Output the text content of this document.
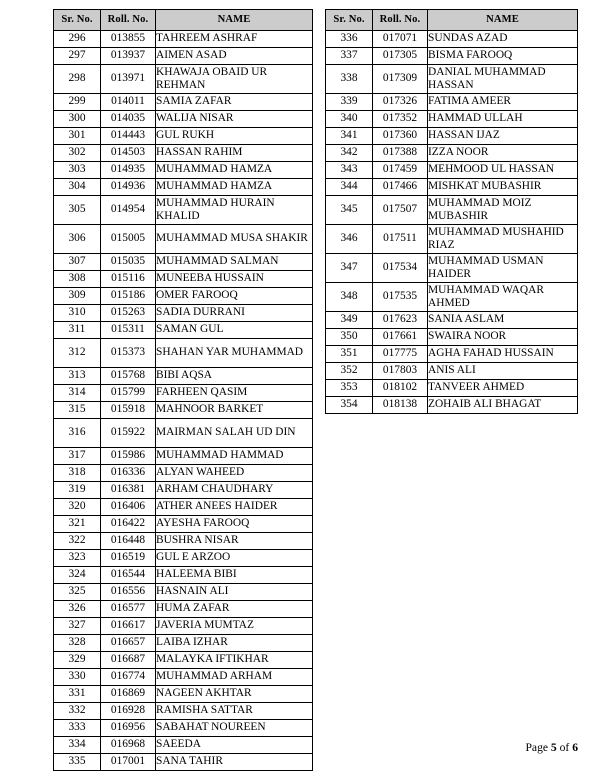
Sr. No.	Roll. No.	NAME
296	013855	TAHREEM ASHRAF
297	013937	AIMEN ASAD
298	013971	KHAWAJA OBAID UR REHMAN
299	014011	SAMIA ZAFAR
300	014035	WALIJA NISAR
301	014443	GUL RUKH
302	014503	HASSAN RAHIM
303	014935	MUHAMMAD HAMZA
304	014936	MUHAMMAD HAMZA
305	014954	MUHAMMAD HURAIN KHALID
306	015005	MUHAMMAD MUSA SHAKIR
307	015035	MUHAMMAD SALMAN
308	015116	MUNEEBA HUSSAIN
309	015186	OMER FAROOQ
310	015263	SADIA DURRANI
311	015311	SAMAN GUL
312	015373	SHAHAN YAR MUHAMMAD
313	015768	BIBI AQSA
314	015799	FARHEEN QASIM
315	015918	MAHNOOR BARKET
316	015922	MAIRMAN SALAH UD DIN
317	015986	MUHAMMAD HAMMAD
318	016336	ALYAN WAHEED
319	016381	ARHAM CHAUDHARY
320	016406	ATHER ANEES HAIDER
321	016422	AYESHA FAROOQ
322	016448	BUSHRA NISAR
323	016519	GUL E ARZOO
324	016544	HALEEMA BIBI
325	016556	HASNAIN ALI
326	016577	HUMA ZAFAR
327	016617	JAVERIA MUMTAZ
328	016657	LAIBA IZHAR
329	016687	MALAYKA IFTIKHAR
330	016774	MUHAMMAD ARHAM
331	016869	NAGEEN AKHTAR
332	016928	RAMISHA SATTAR
333	016956	SABAHAT NOUREEN
334	016968	SAEEDA
335	017001	SANA TAHIR
Sr. No.	Roll. No.	NAME
336	017071	SUNDAS AZAD
337	017305	BISMA FAROOQ
338	017309	DANIAL MUHAMMAD HASSAN
339	017326	FATIMA AMEER
340	017352	HAMMAD ULLAH
341	017360	HASSAN IJAZ
342	017388	IZZA NOOR
343	017459	MEHMOOD UL HASSAN
344	017466	MISHKAT MUBASHIR
345	017507	MUHAMMAD MOIZ MUBASHIR
346	017511	MUHAMMAD MUSHAHID RIAZ
347	017534	MUHAMMAD USMAN HAIDER
348	017535	MUHAMMAD WAQAR AHMED
349	017623	SANIA ASLAM
350	017661	SWAIRA NOOR
351	017775	AGHA FAHAD HUSSAIN
352	017803	ANIS ALI
353	018102	TANVEER AHMED
354	018138	ZOHAIB ALI BHAGAT
Page 5 of 6
